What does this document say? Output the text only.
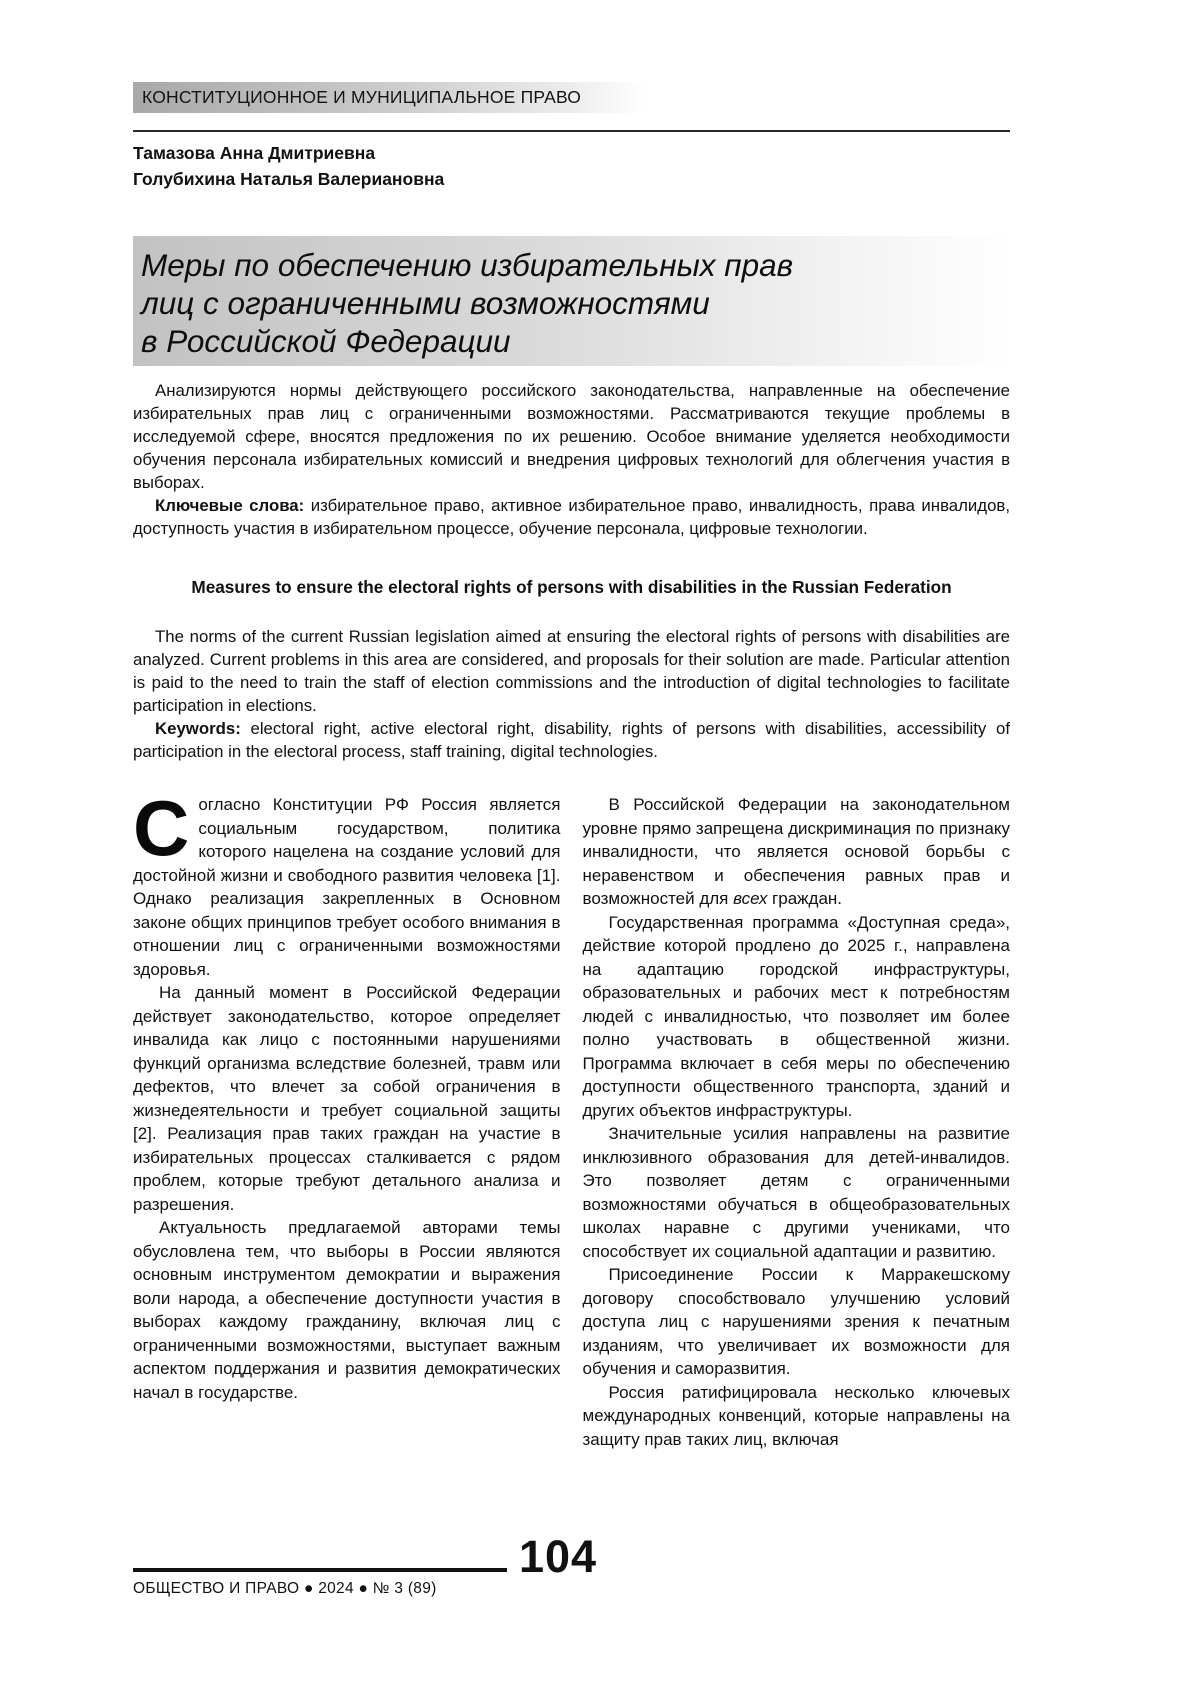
КОНСТИТУЦИОННОЕ И МУНИЦИПАЛЬНОЕ ПРАВО
Тамазова Анна Дмитриевна
Голубихина Наталья Валериановна
Меры по обеспечению избирательных прав
лиц с ограниченными возможностями
в Российской Федерации

Анализируются нормы действующего российского законодательства, направленные на обеспечение избирательных прав лиц с ограниченными возможностями. Рассматриваются текущие проблемы в исследуемой сфере, вносятся предложения по их решению. Особое внимание уделяется необходимости обучения персонала избирательных комиссий и внедрения цифровых технологий для облегчения участия в выборах.

Ключевые слова: избирательное право, активное избирательное право, инвалидность, права инвалидов, доступность участия в избирательном процессе, обучение персонала, цифровые технологии.

Measures to ensure the electoral rights of persons with disabilities in the Russian Federation

The norms of the current Russian legislation aimed at ensuring the electoral rights of persons with disabilities are analyzed. Current problems in this area are considered, and proposals for their solution are made. Particular attention is paid to the need to train the staff of election commissions and the introduction of digital technologies to facilitate participation in elections.

Keywords: electoral right, active electoral right, disability, rights of persons with disabilities, accessibility of participation in the electoral process, staff training, digital technologies.

Согласно Конституции РФ Россия является социальным государством, политика которого нацелена на создание условий для достойной жизни и свободного развития человека [1]. Однако реализация закрепленных в Основном законе общих принципов требует особого внимания в отношении лиц с ограниченными возможностями здоровья.

На данный момент в Российской Федерации действует законодательство, которое определяет инвалида как лицо с постоянными нарушениями функций организма вследствие болезней, травм или дефектов, что влечет за собой ограничения в жизнедеятельности и требует социальной защиты [2]. Реализация прав таких граждан на участие в избирательных процессах сталкивается с рядом проблем, которые требуют детального анализа и разрешения.

Актуальность предлагаемой авторами темы обусловлена тем, что выборы в России являются основным инструментом демократии и выражения воли народа, а обеспечение доступности участия в выборах каждому гражданину, включая лиц с ограниченными возможностями, выступает важным аспектом поддержания и развития демократических начал в государстве.

В Российской Федерации на законодательном уровне прямо запрещена дискриминация по признаку инвалидности, что является основой борьбы с неравенством и обеспечения равных прав и возможностей для всех граждан.

Государственная программа «Доступная среда», действие которой продлено до 2025 г., направлена на адаптацию городской инфраструктуры, образовательных и рабочих мест к потребностям людей с инвалидностью, что позволяет им более полно участвовать в общественной жизни. Программа включает в себя меры по обеспечению доступности общественного транспорта, зданий и других объектов инфраструктуры.

Значительные усилия направлены на развитие инклюзивного образования для детей-инвалидов. Это позволяет детям с ограниченными возможностями обучаться в общеобразовательных школах наравне с другими учениками, что способствует их социальной адаптации и развитию.

Присоединение России к Марракешскому договору способствовало улучшению условий доступа лиц с нарушениями зрения к печатным изданиям, что увеличивает их возможности для обучения и саморазвития.

Россия ратифицировала несколько ключевых международных конвенций, которые направлены на защиту прав таких лиц, включая

104
ОБЩЕСТВО И ПРАВО ● 2024 ● № 3 (89)
